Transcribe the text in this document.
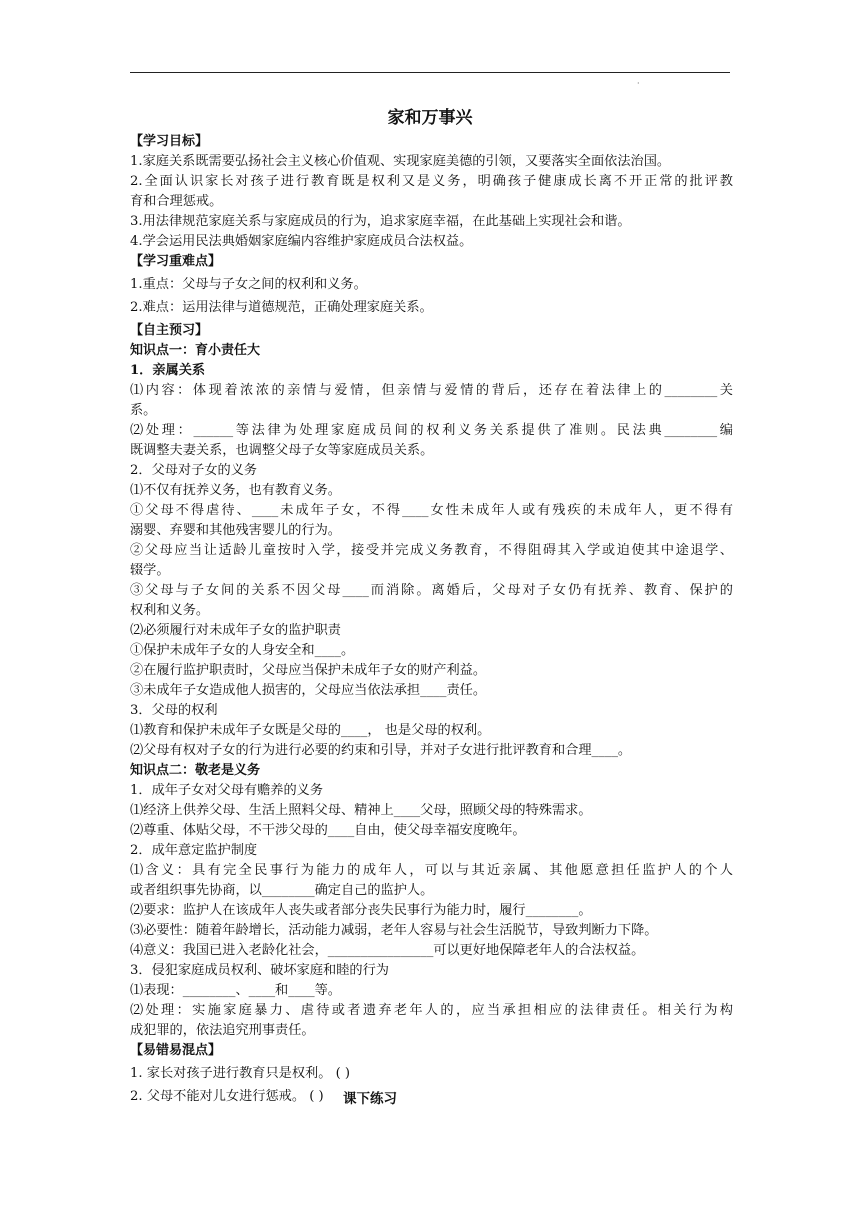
·
家和万事兴
【学习目标】
1.家庭关系既需要弘扬社会主义核心价值观、实现家庭美德的引领，又要落实全面依法治国。
2.全面认识家长对孩子进行教育既是权利又是义务，明确孩子健康成长离不开正常的批评教
育和合理惩戒。
3.用法律规范家庭关系与家庭成员的行为，追求家庭幸福，在此基础上实现社会和谐。
4.学会运用民法典婚姻家庭编内容维护家庭成员合法权益。
【学习重难点】
1.重点：父母与子女之间的权利和义务。
2.难点：运用法律与道德规范，正确处理家庭关系。
【自主预习】
知识点一：育小责任大
1．亲属关系
⑴内容：体现着浓浓的亲情与爱情，但亲情与爱情的背后，还存在着法律上的________关
系。
⑵处理：______等法律为处理家庭成员间的权利义务关系提供了准则。民法典________编
既调整夫妻关系，也调整父母子女等家庭成员关系。
2．父母对子女的义务
⑴不仅有抚养义务，也有教育义务。
①父母不得虐待、____未成年子女，不得____女性未成年人或有残疾的未成年人，更不得有
溺婴、弃婴和其他残害婴儿的行为。
②父母应当让适龄儿童按时入学，接受并完成义务教育，不得阻碍其入学或迫使其中途退学、
辍学。
③父母与子女间的关系不因父母____而消除。离婚后，父母对子女仍有抚养、教育、保护的
权利和义务。
⑵必须履行对未成年子女的监护职责
①保护未成年子女的人身安全和____。
②在履行监护职责时，父母应当保护未成年子女的财产利益。
③未成年子女造成他人损害的，父母应当依法承担____责任。
3．父母的权利
⑴教育和保护未成年子女既是父母的____， 也是父母的权利。
⑵父母有权对子女的行为进行必要的约束和引导，并对子女进行批评教育和合理____。
知识点二：敬老是义务
1．成年子女对父母有赡养的义务
⑴经济上供养父母、生活上照料父母、精神上____父母，照顾父母的特殊需求。
⑵尊重、体贴父母，不干涉父母的____自由，使父母幸福安度晚年。
2．成年意定监护制度
⑴含义：具有完全民事行为能力的成年人，可以与其近亲属、其他愿意担任监护人的个人
或者组织事先协商，以________确定自己的监护人。
⑵要求：监护人在该成年人丧失或者部分丧失民事行为能力时，履行________。
⑶必要性：随着年龄增长，活动能力减弱，老年人容易与社会生活脱节，导致判断力下降。
⑷意义：我国已进入老龄化社会，________________可以更好地保障老年人的合法权益。
3．侵犯家庭成员权利、破坏家庭和睦的行为
⑴表现：________、____和____等。
⑵处理：实施家庭暴力、虐待或者遗弃老年人的，应当承担相应的法律责任。相关行为构
成犯罪的，依法追究刑事责任。
【易错易混点】
1. 家长对孩子进行教育只是权利。 ( )
2. 父母不能对儿女进行惩戒。 ( )	课下练习
